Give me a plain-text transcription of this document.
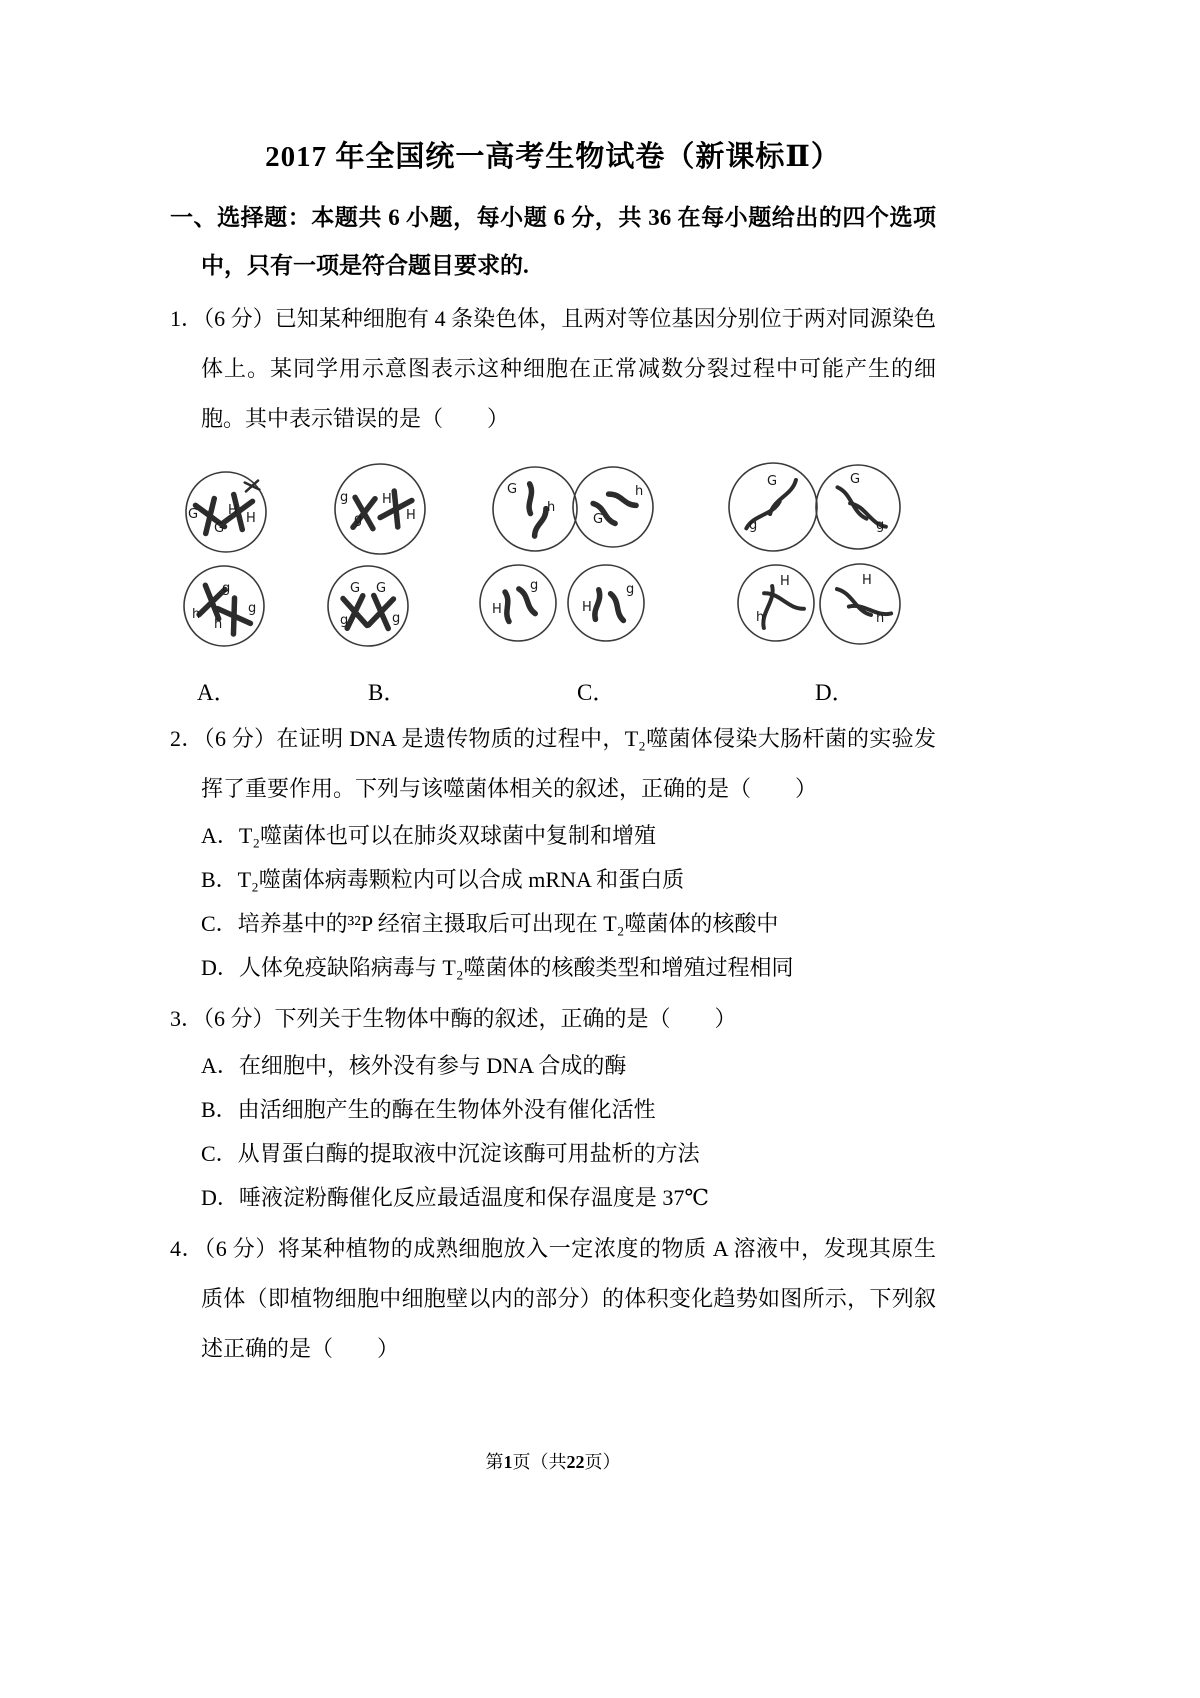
2017 年全国统一高考生物试卷（新课标Ⅱ）
一、选择题：本题共 6 小题，每小题 6 分，共 36 在每小题给出的四个选项中，只有一项是符合题目要求的.
1．（6 分）已知某种细胞有 4 条染色体，且两对等位基因分别位于两对同源染色体上。某同学用示意图表示这种细胞在正常减数分裂过程中可能产生的细胞。其中表示错误的是（　　）
G
G
H
H
h
g
h
g
g
g
H
H
G G
g	g
G
h
h
G
H
g
H
g
G
g
G
g
H
h
H
h
A．	B．	C．	D．
2．（6 分）在证明 DNA 是遗传物质的过程中，T₂噬菌体侵染大肠杆菌的实验发挥了重要作用。下列与该噬菌体相关的叙述，正确的是（　　）
A．T₂噬菌体也可以在肺炎双球菌中复制和增殖
B．T₂噬菌体病毒颗粒内可以合成 mRNA 和蛋白质
C．培养基中的³²P 经宿主摄取后可出现在 T₂噬菌体的核酸中
D．人体免疫缺陷病毒与 T₂噬菌体的核酸类型和增殖过程相同
3．（6 分）下列关于生物体中酶的叙述，正确的是（　　）
A．在细胞中，核外没有参与 DNA 合成的酶
B．由活细胞产生的酶在生物体外没有催化活性
C．从胃蛋白酶的提取液中沉淀该酶可用盐析的方法
D．唾液淀粉酶催化反应最适温度和保存温度是 37℃
4．（6 分）将某种植物的成熟细胞放入一定浓度的物质 A 溶液中，发现其原生质体（即植物细胞中细胞壁以内的部分）的体积变化趋势如图所示，下列叙述正确的是（　　）
第1页（共22页）
